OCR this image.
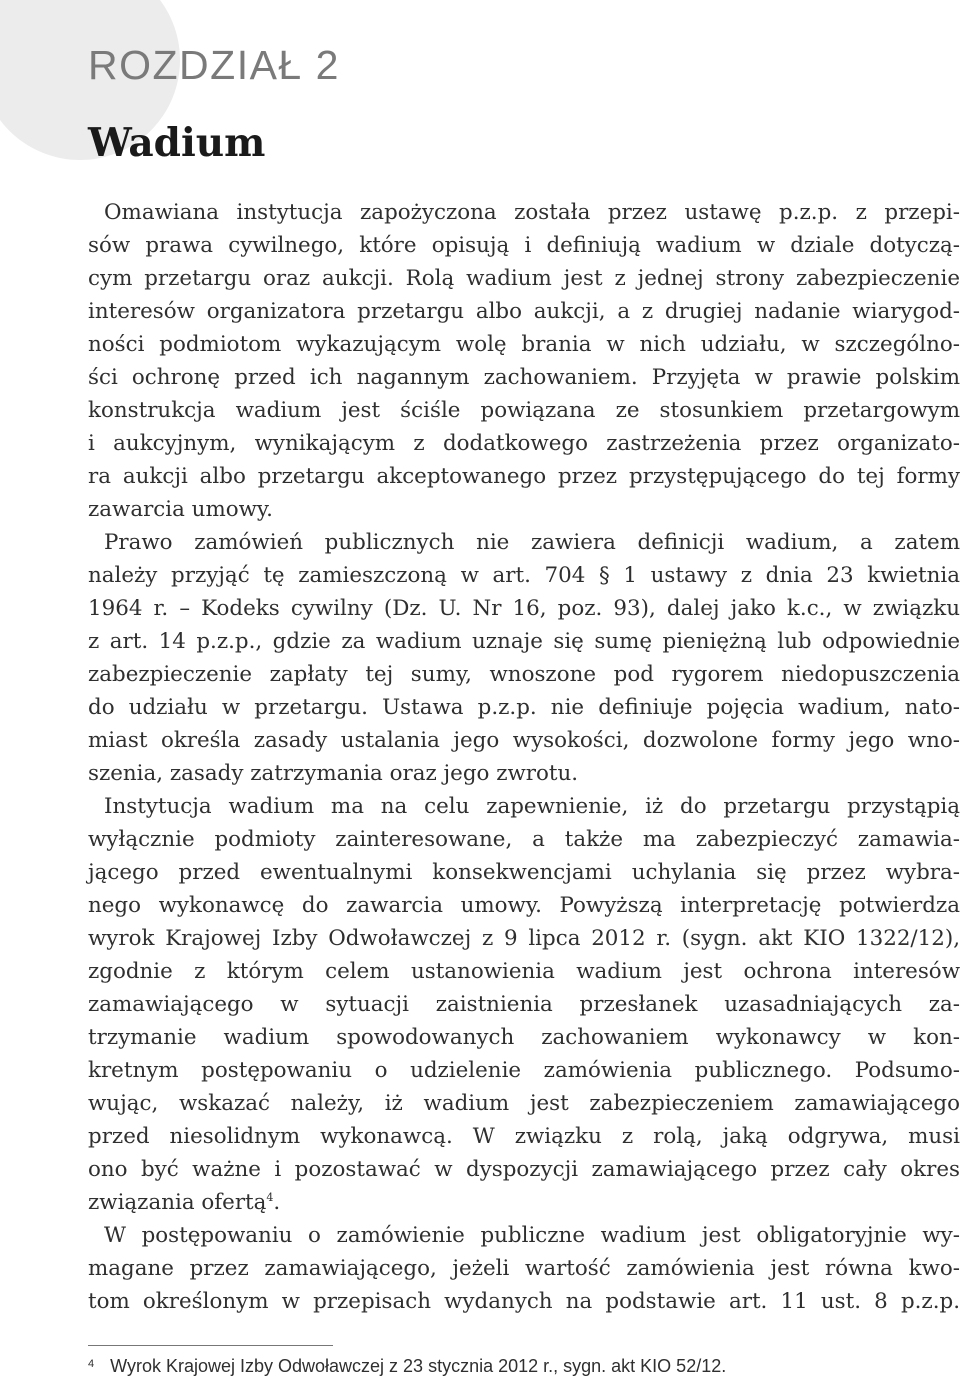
ROZDZIAŁ 2
Wadium
Omawiana instytucja zapożyczona została przez ustawę p.z.p. z przepi-
sów prawa cywilnego, które opisują i definiują wadium w dziale dotyczą-
cym przetargu oraz aukcji. Rolą wadium jest z jednej strony zabezpieczenie
interesów organizatora przetargu albo aukcji, a z drugiej nadanie wiarygod-
ności podmiotom wykazującym wolę brania w nich udziału, w szczególno-
ści ochronę przed ich nagannym zachowaniem. Przyjęta w prawie polskim
konstrukcja wadium jest ściśle powiązana ze stosunkiem przetargowym
i aukcyjnym, wynikającym z dodatkowego zastrzeżenia przez organizato-
ra aukcji albo przetargu akceptowanego przez przystępującego do tej formy
zawarcia umowy.
Prawo zamówień publicznych nie zawiera definicji wadium, a zatem
należy przyjąć tę zamieszczoną w art. 704 § 1 ustawy z dnia 23 kwietnia
1964 r. – Kodeks cywilny (Dz. U. Nr 16, poz. 93), dalej jako k.c., w związku
z art. 14 p.z.p., gdzie za wadium uznaje się sumę pieniężną lub odpowiednie
zabezpieczenie zapłaty tej sumy, wnoszone pod rygorem niedopuszczenia
do udziału w przetargu. Ustawa p.z.p. nie definiuje pojęcia wadium, nato-
miast określa zasady ustalania jego wysokości, dozwolone formy jego wno-
szenia, zasady zatrzymania oraz jego zwrotu.
Instytucja wadium ma na celu zapewnienie, iż do przetargu przystąpią
wyłącznie podmioty zainteresowane, a także ma zabezpieczyć zamawia-
jącego przed ewentualnymi konsekwencjami uchylania się przez wybra-
nego wykonawcę do zawarcia umowy. Powyższą interpretację potwierdza
wyrok Krajowej Izby Odwoławczej z 9 lipca 2012 r. (sygn. akt KIO 1322/12),
zgodnie z którym celem ustanowienia wadium jest ochrona interesów
zamawiającego w sytuacji zaistnienia przesłanek uzasadniających za-
trzymanie wadium spowodowanych zachowaniem wykonawcy w kon-
kretnym postępowaniu o udzielenie zamówienia publicznego. Podsumo-
wując, wskazać należy, iż wadium jest zabezpieczeniem zamawiającego
przed niesolidnym wykonawcą. W związku z rolą, jaką odgrywa, musi
ono być ważne i pozostawać w dyspozycji zamawiającego przez cały okres
związania ofertą$^4$.
W postępowaniu o zamówienie publiczne wadium jest obligatoryjnie wy-
magane przez zamawiającego, jeżeli wartość zamówienia jest równa kwo-
tom określonym w przepisach wydanych na podstawie art. 11 ust. 8 p.z.p.
$^4$ Wyrok Krajowej Izby Odwoławczej z 23 stycznia 2012 r., sygn. akt KIO 52/12.
